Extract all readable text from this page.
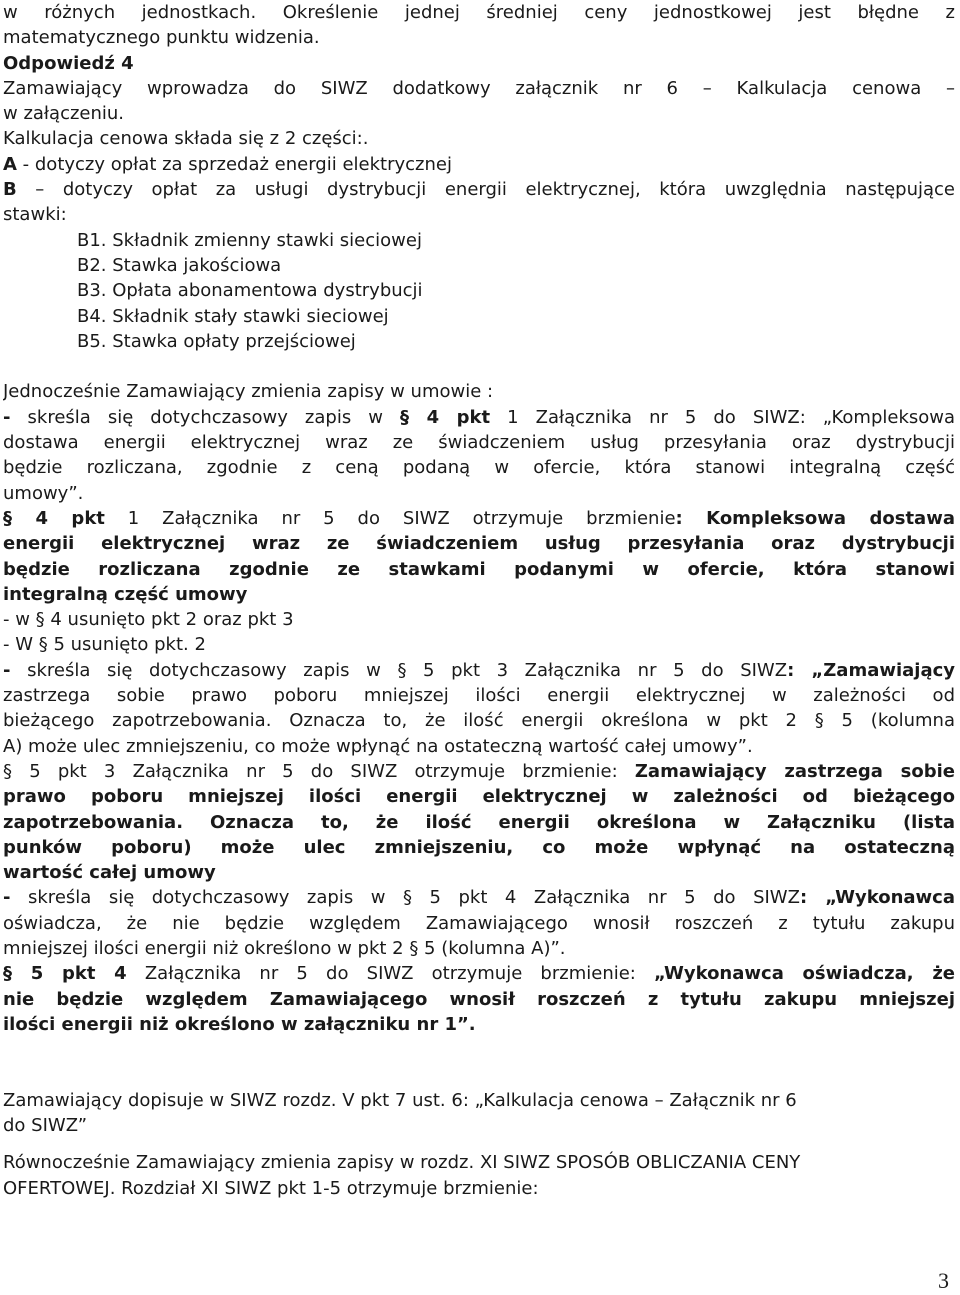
w różnych jednostkach. Określenie jednej średniej ceny jednostkowej jest błędne z
matematycznego punktu widzenia.
Odpowiedź 4
Zamawiający wprowadza do SIWZ dodatkowy załącznik nr 6 – Kalkulacja cenowa –
w załączeniu.
Kalkulacja cenowa składa się z 2 części:.
A - dotyczy opłat za sprzedaż energii elektrycznej
B – dotyczy opłat za usługi dystrybucji energii elektrycznej, która uwzględnia następujące
stawki:
B1. Składnik zmienny stawki sieciowej
B2. Stawka jakościowa
B3. Opłata abonamentowa dystrybucji
B4. Składnik stały stawki sieciowej
B5. Stawka opłaty przejściowej
Jednocześnie Zamawiający zmienia zapisy w umowie :
- skreśla się dotychczasowy zapis w § 4 pkt 1 Załącznika nr 5 do SIWZ: „Kompleksowa
dostawa energii elektrycznej wraz ze świadczeniem usług przesyłania oraz dystrybucji
będzie rozliczana, zgodnie z ceną podaną w ofercie, która stanowi integralną część
umowy”.
§ 4 pkt 1 Załącznika nr 5 do SIWZ otrzymuje brzmienie: Kompleksowa dostawa
energii elektrycznej wraz ze świadczeniem usług przesyłania oraz dystrybucji
będzie rozliczana zgodnie ze stawkami podanymi w ofercie, która stanowi
integralną część umowy
- w § 4 usunięto pkt 2 oraz pkt 3
- W § 5 usunięto pkt. 2
- skreśla się dotychczasowy zapis w § 5 pkt 3 Załącznika nr 5 do SIWZ: „Zamawiający
zastrzega sobie prawo poboru mniejszej ilości energii elektrycznej w zależności od
bieżącego zapotrzebowania. Oznacza to, że ilość energii określona w pkt 2 § 5 (kolumna
A) może ulec zmniejszeniu, co może wpłynąć na ostateczną wartość całej umowy”.
§ 5 pkt 3 Załącznika nr 5 do SIWZ otrzymuje brzmienie: Zamawiający zastrzega sobie
prawo poboru mniejszej ilości energii elektrycznej w zależności od bieżącego
zapotrzebowania. Oznacza to, że ilość energii określona w Załączniku (lista
punków poboru) może ulec zmniejszeniu, co może wpłynąć na ostateczną
wartość całej umowy
- skreśla się dotychczasowy zapis w § 5 pkt 4 Załącznika nr 5 do SIWZ: „Wykonawca
oświadcza, że nie będzie względem Zamawiającego wnosił roszczeń z tytułu zakupu
mniejszej ilości energii niż określono w pkt 2 § 5 (kolumna A)”.
§ 5 pkt 4 Załącznika nr 5 do SIWZ otrzymuje brzmienie: „Wykonawca oświadcza, że
nie będzie względem Zamawiającego wnosił roszczeń z tytułu zakupu mniejszej
ilości energii niż określono w załączniku nr 1”.
Zamawiający dopisuje w SIWZ rozdz. V pkt 7 ust. 6: „Kalkulacja cenowa – Załącznik nr 6
do SIWZ”
Równocześnie Zamawiający zmienia zapisy w rozdz. XI SIWZ SPOSÓB OBLICZANIA CENY
OFERTOWEJ. Rozdział XI SIWZ pkt 1-5 otrzymuje brzmienie:
3
